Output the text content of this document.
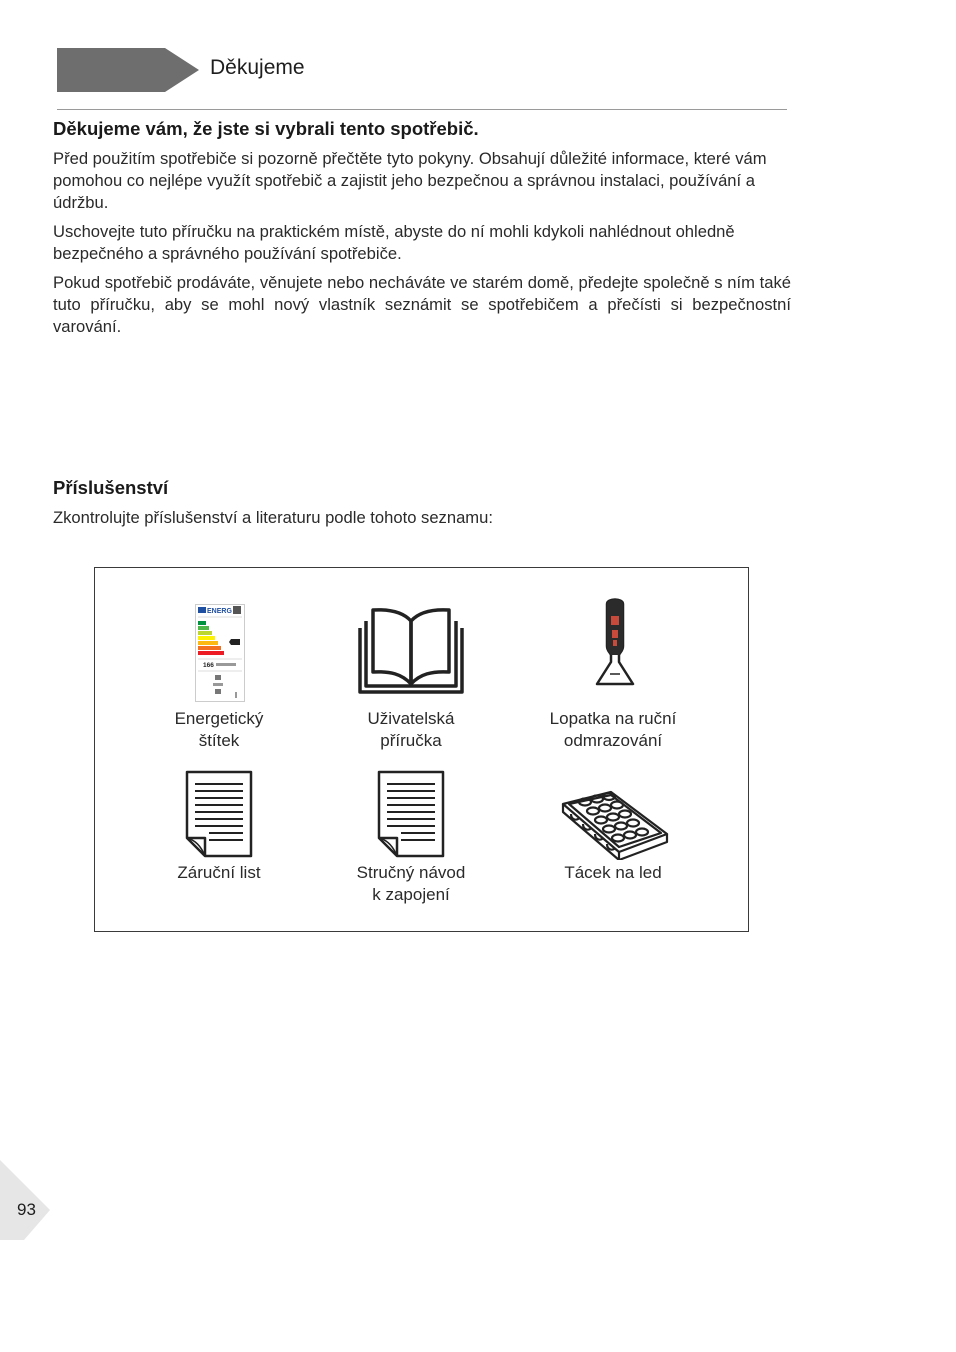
Děkujeme
Děkujeme vám, že jste si vybrali tento spotřebič.

Před použitím spotřebiče si pozorně přečtěte tyto pokyny. Obsahují důležité informace, které vám pomohou co nejlépe využít spotřebič a zajistit jeho bezpečnou a správnou instalaci, používání a údržbu.

Uschovejte tuto příručku na praktickém místě, abyste do ní mohli kdykoli nahlédnout ohledně bezpečného a správného používání spotřebiče.

Pokud spotřebič prodáváte, věnujete nebo necháváte ve starém domě, předejte společně s ním také tuto příručku, aby se mohl nový vlastník seznámit se spotřebičem a přečísti si bezpečnostní varování.

Příslušenství

Zkontrolujte příslušenství a literaturu podle tohoto seznamu:

ENERG
166
Energetický
štítek
Uživatelská
příručka
Lopatka na ruční
odmrazování
Záruční list	Stručný návod
k zapojení
Tácek na led
93
